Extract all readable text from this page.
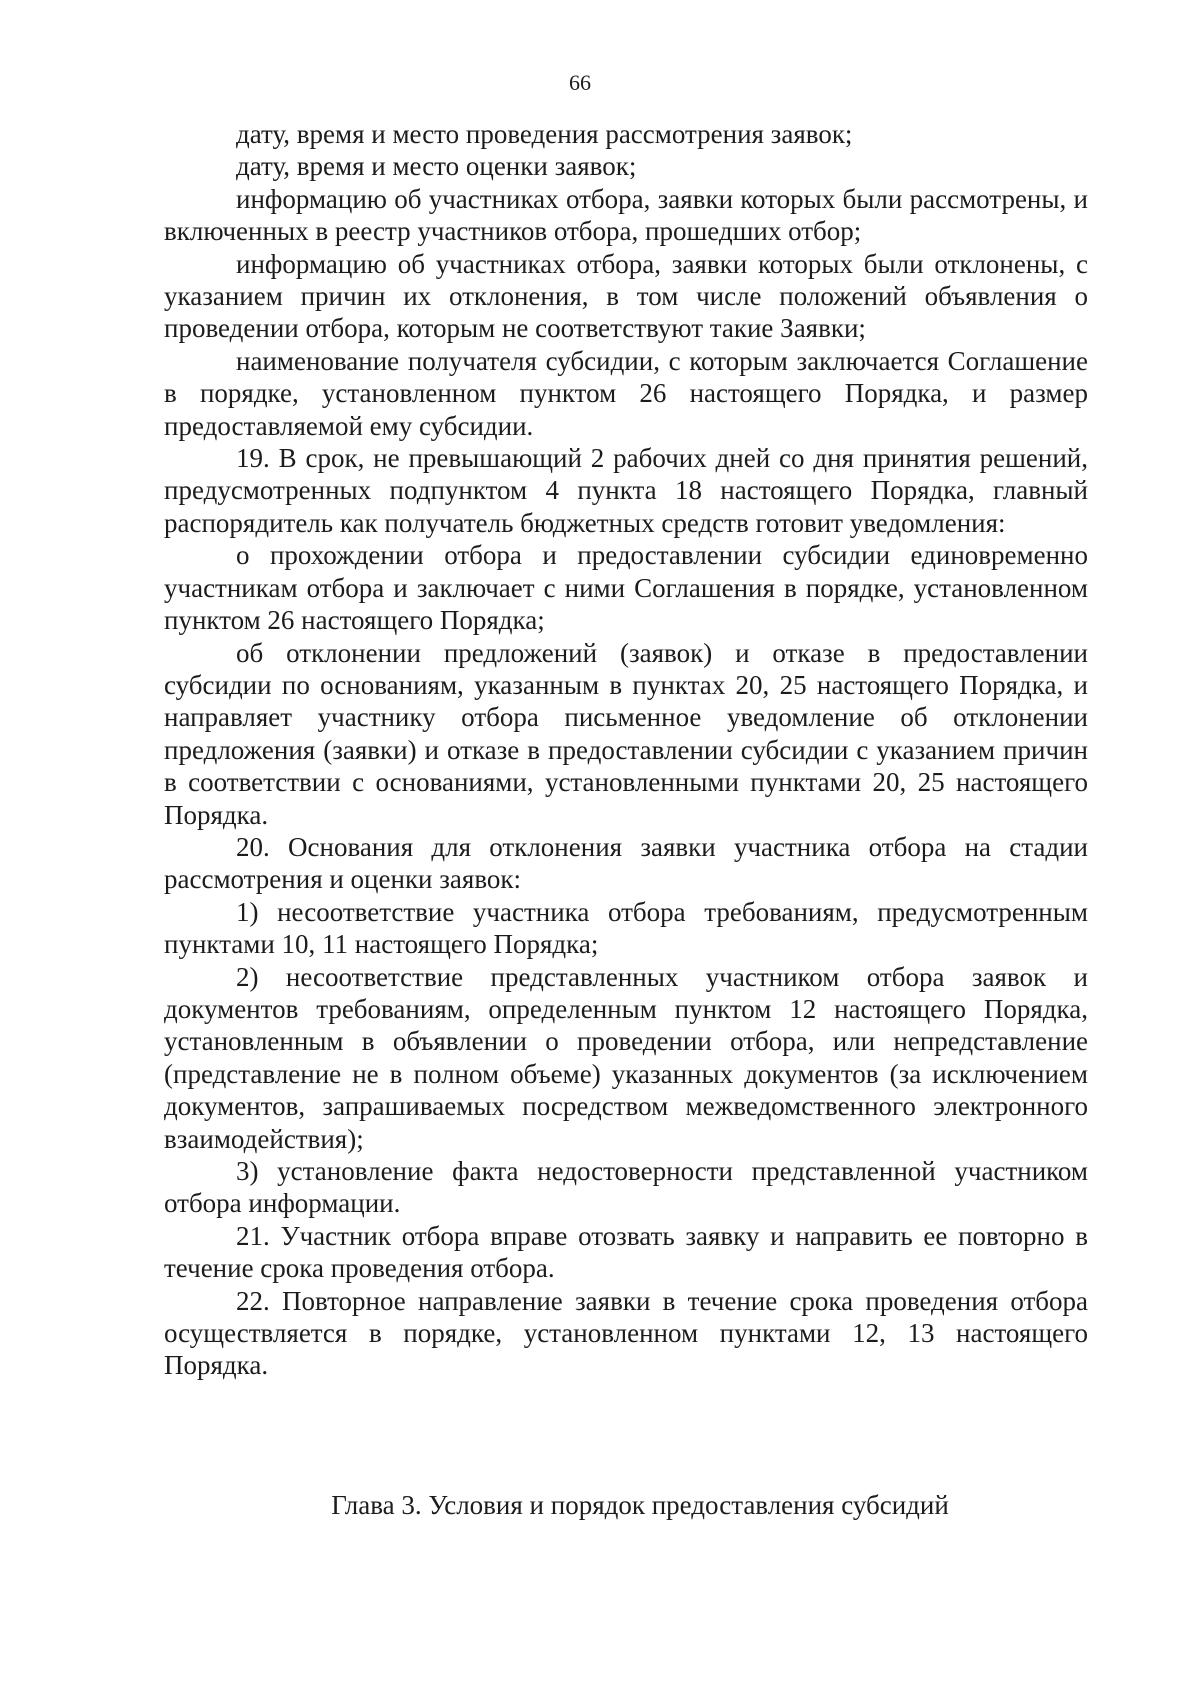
66

дату, время и место проведения рассмотрения заявок;

дату, время и место оценки заявок;

информацию об участниках отбора, заявки которых были рассмотрены, и включенных в реестр участников отбора, прошедших отбор;

информацию об участниках отбора, заявки которых были отклонены, с указанием причин их отклонения, в том числе положений объявления о проведении отбора, которым не соответствуют такие Заявки;

наименование получателя субсидии, с которым заключается Соглашение в порядке, установленном пунктом 26 настоящего Порядка, и размер предоставляемой ему субсидии.

19. В срок, не превышающий 2 рабочих дней со дня принятия решений, предусмотренных подпунктом 4 пункта 18 настоящего Порядка, главный распорядитель как получатель бюджетных средств готовит уведомления:

о прохождении отбора и предоставлении субсидии единовременно участникам отбора и заключает с ними Соглашения в порядке, установленном пунктом 26 настоящего Порядка;

об отклонении предложений (заявок) и отказе в предоставлении субсидии по основаниям, указанным в пунктах 20, 25 настоящего Порядка, и направляет участнику отбора письменное уведомление об отклонении предложения (заявки) и отказе в предоставлении субсидии с указанием причин в соответствии с основаниями, установленными пунктами 20, 25 настоящего Порядка.

20. Основания для отклонения заявки участника отбора на стадии рассмотрения и оценки заявок:

1) несоответствие участника отбора требованиям, предусмотренным пунктами 10, 11 настоящего Порядка;

2) несоответствие представленных участником отбора заявок и документов требованиям, определенным пунктом 12 настоящего Порядка, установленным в объявлении о проведении отбора, или непредставление (представление не в полном объеме) указанных документов (за исключением документов, запрашиваемых посредством межведомственного электронного взаимодействия);

3) установление факта недостоверности представленной участником отбора информации.

21. Участник отбора вправе отозвать заявку и направить ее повторно в течение срока проведения отбора.

22. Повторное направление заявки в течение срока проведения отбора осуществляется в порядке, установленном пунктами 12, 13 настоящего Порядка.

Глава 3. Условия и порядок предоставления субсидий
